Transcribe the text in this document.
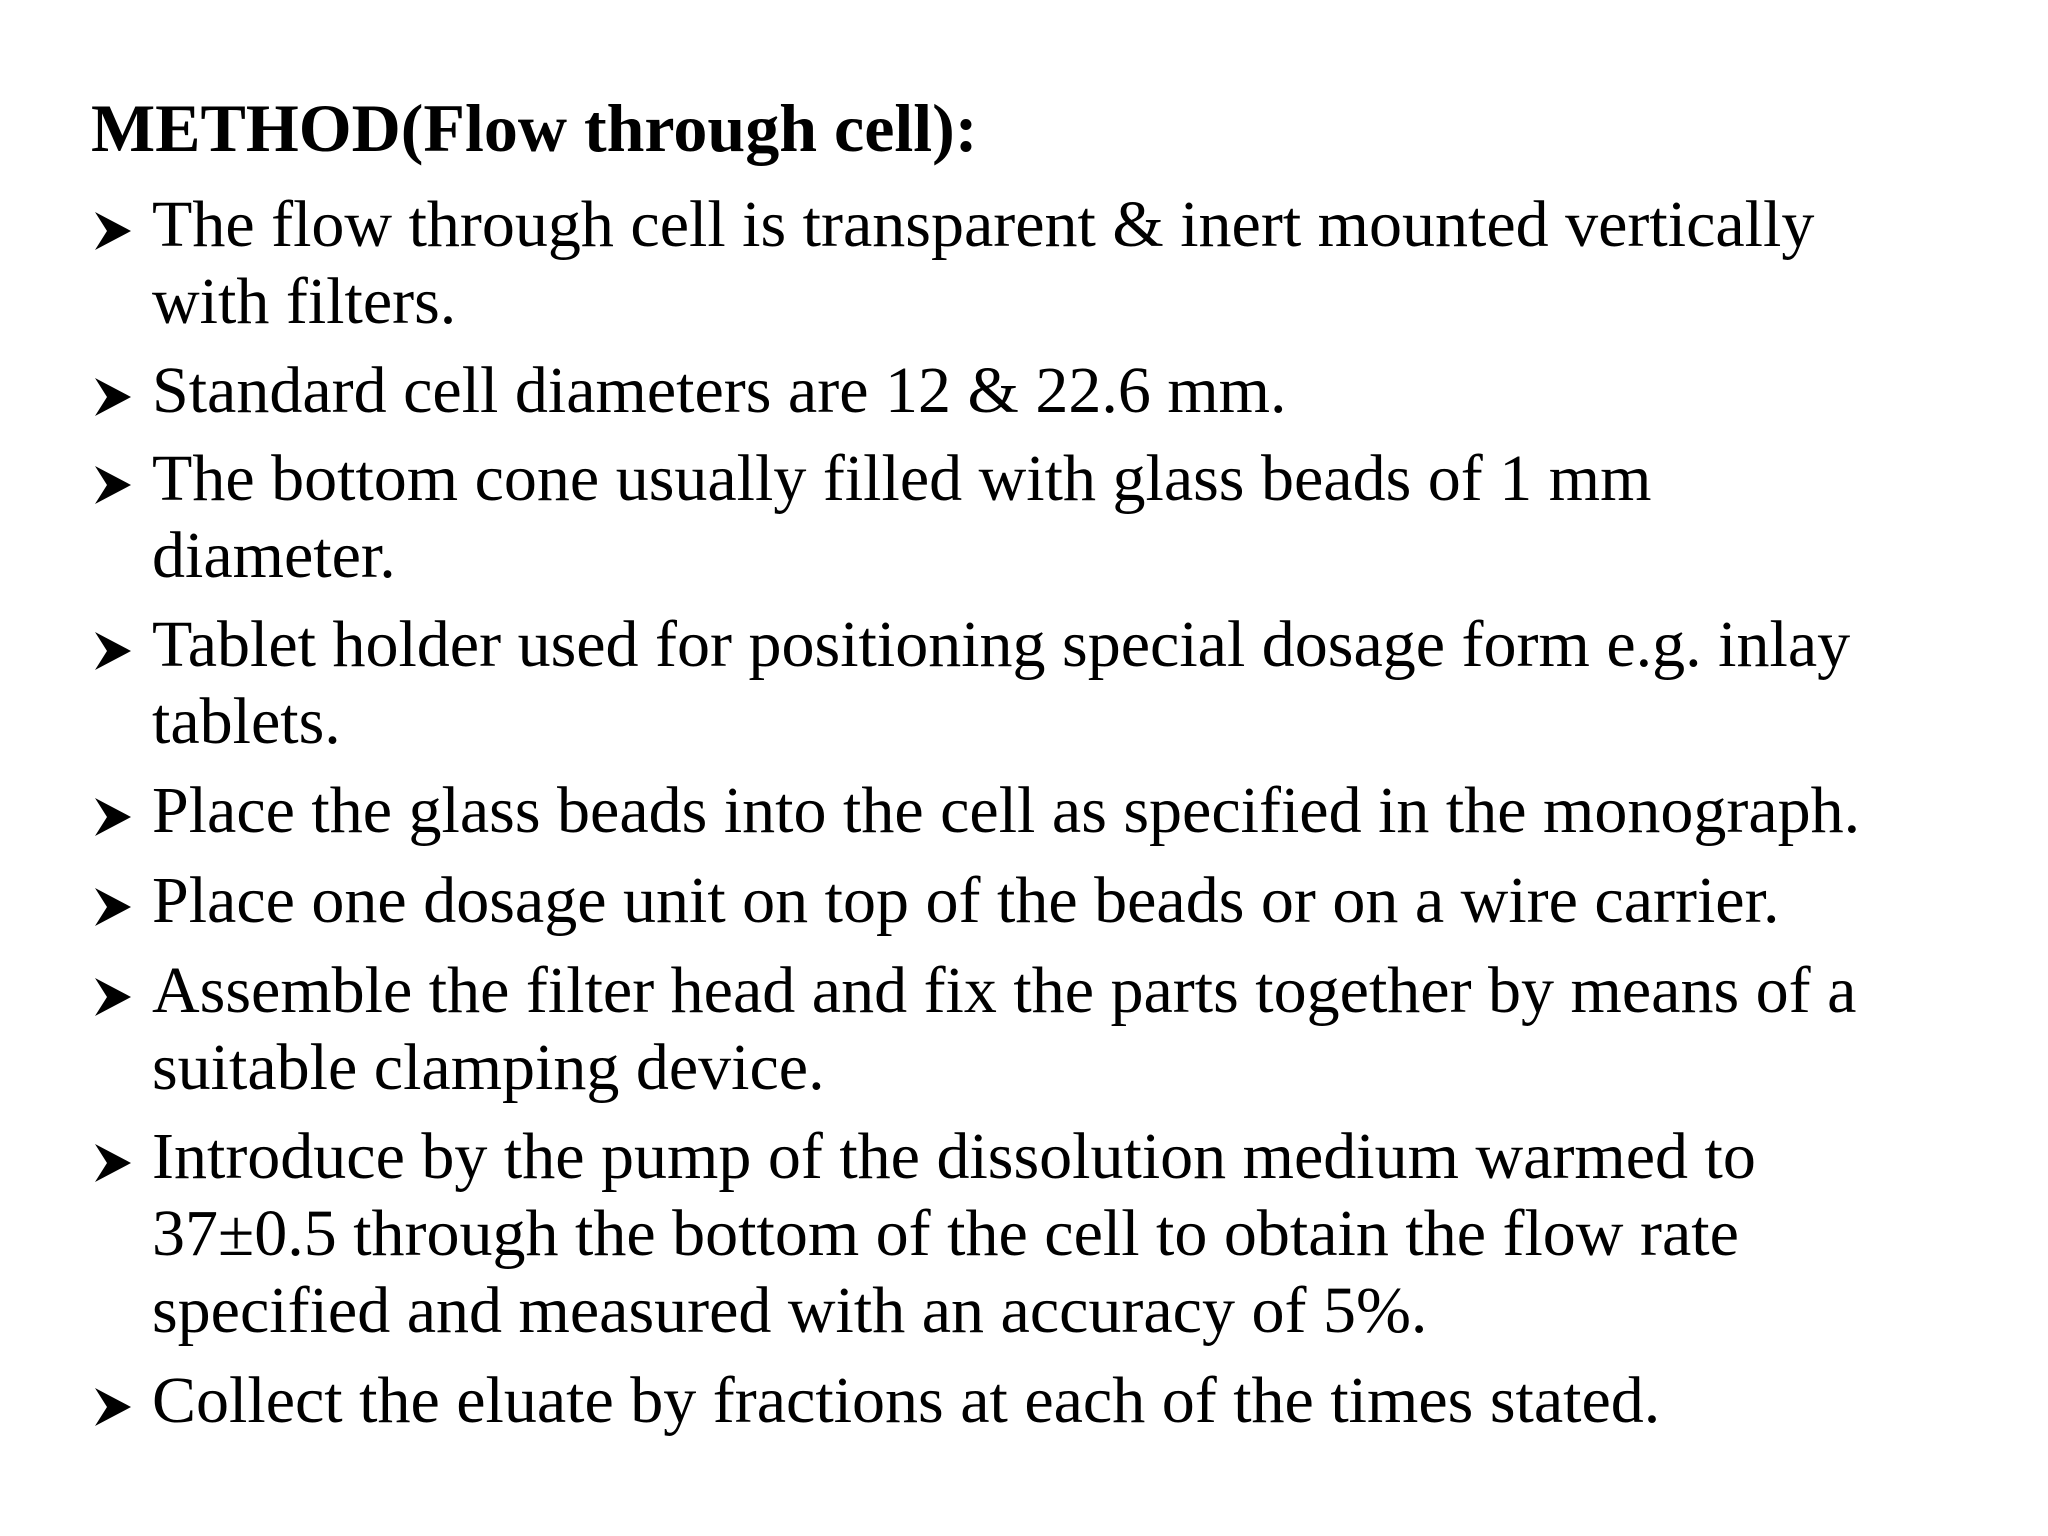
METHOD(Flow through cell):
The flow through cell is transparent & inert mounted vertically
with filters.
Standard cell diameters are 12 & 22.6 mm.
The bottom cone usually filled with glass beads of 1 mm
diameter.
Tablet holder used for positioning special dosage form e.g. inlay
tablets.
Place the glass beads into the cell as specified in the monograph.
Place one dosage unit on top of the beads or on a wire carrier.
Assemble the filter head and fix the parts together by means of a
suitable clamping device.
Introduce by the pump of the dissolution medium warmed to
37±0.5 through the bottom of the cell to obtain the flow rate
specified and measured with an accuracy of 5%.
Collect the eluate by fractions at each of the times stated.
